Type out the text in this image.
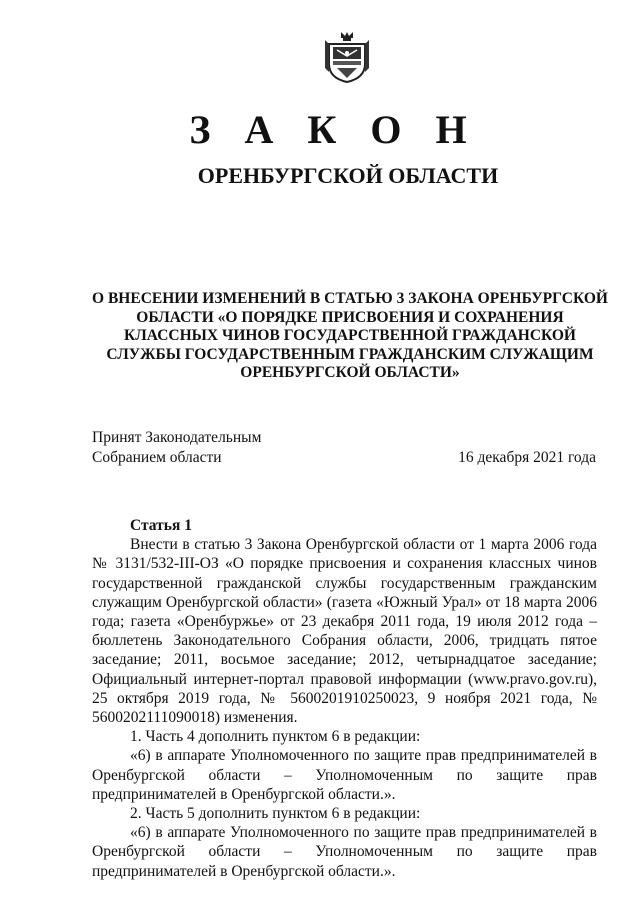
З А К О Н
ОРЕНБУРГСКОЙ ОБЛАСТИ
О ВНЕСЕНИИ ИЗМЕНЕНИЙ В СТАТЬЮ 3 ЗАКОНА ОРЕНБУРГСКОЙ ОБЛАСТИ «О ПОРЯДКЕ ПРИСВОЕНИЯ И СОХРАНЕНИЯ КЛАССНЫХ ЧИНОВ ГОСУДАРСТВЕННОЙ ГРАЖДАНСКОЙ СЛУЖБЫ ГОСУДАРСТВЕННЫМ ГРАЖДАНСКИМ СЛУЖАЩИМ ОРЕНБУРГСКОЙ ОБЛАСТИ»
Принят Законодательным
Собранием области	16 декабря 2021 года
Статья 1

Внести в статью 3 Закона Оренбургской области от 1 марта 2006 года № 3131/532-III-ОЗ «О порядке присвоения и сохранения классных чинов государственной гражданской службы государственным гражданским служащим Оренбургской области» (газета «Южный Урал» от 18 марта 2006 года; газета «Оренбуржье» от 23 декабря 2011 года, 19 июля 2012 года – бюллетень Законодательного Собрания области, 2006, тридцать пятое заседание; 2011, восьмое заседание; 2012, четырнадцатое заседание; Официальный интернет-портал правовой информации (www.pravo.gov.ru), 25 октября 2019 года, № 5600201910250023, 9 ноября 2021 года, № 5600202111090018) изменения.

1. Часть 4 дополнить пунктом 6 в редакции:

«6) в аппарате Уполномоченного по защите прав предпринимателей в Оренбургской области – Уполномоченным по защите прав предпринимателей в Оренбургской области.».

2. Часть 5 дополнить пунктом 6 в редакции:

«6) в аппарате Уполномоченного по защите прав предпринимателей в Оренбургской области – Уполномоченным по защите прав предпринимателей в Оренбургской области.».
